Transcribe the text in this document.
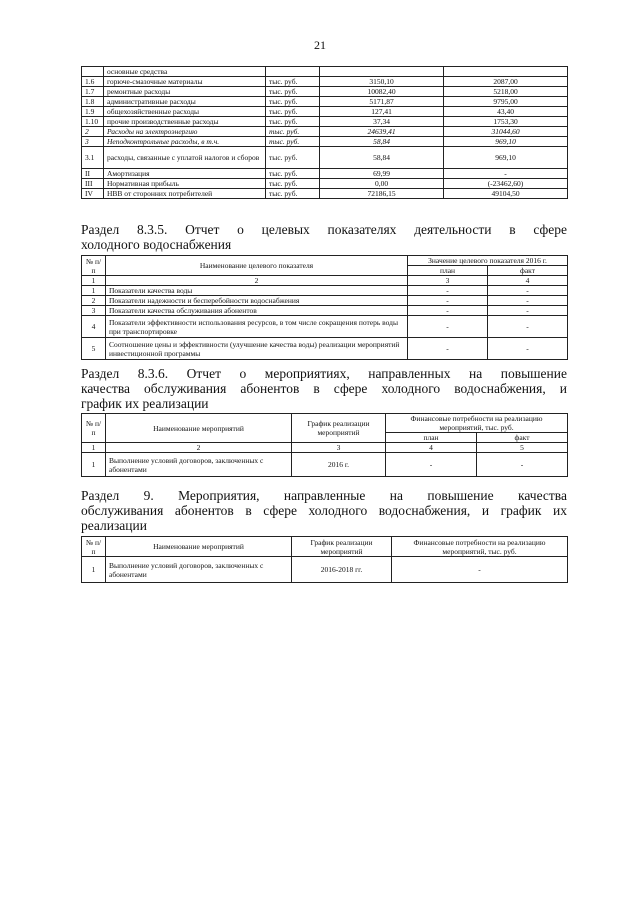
21
	основные средства			
1.6	горюче-смазочные материалы	тыс. руб.	3150,10	2087,00
1.7	ремонтные расходы	тыс. руб.	10082,40	5218,00
1.8	административные расходы	тыс. руб.	5171,87	9795,00
1.9	общехозяйственные расходы	тыс. руб.	127,41	43,40
1.10	прочие производственные расходы	тыс. руб.	37,34	1753,30
2	Расходы на электроэнергию	тыс. руб.	24639,41	31044,60
3	Неподконтрольные расходы, в т.ч.	тыс. руб.	58,84	969,10
3.1	расходы, связанные с уплатой налогов и сборов	тыс. руб.	58,84	969,10
II	Амортизация	тыс. руб.	69,99	-
III	Нормативная прибыль	тыс. руб.	0,00	(-23462,60)
IV	НВВ от сторонних потребителей	тыс. руб.	72186,15	49104,50
Раздел 8.3.5. Отчет о целевых показателях деятельности в сфере
холодного водоснабжения
№ п/п	Наименование целевого показателя	Значение целевого показателя 2016 г.	
		план	факт
1	2	3	4
1	Показатели качества воды	-	-
2	Показатели надежности и бесперебойности водоснабжения	-	-
3	Показатели качества обслуживания абонентов	-	-
4	Показатели эффективности использования ресурсов, в том числе сокращения потерь воды при транспортировке	-	-
5	Соотношение цены и эффективности (улучшение качества воды) реализации мероприятий инвестиционной программы	-	-
Раздел 8.3.6. Отчет о мероприятиях, направленных на повышение
качества обслуживания абонентов в сфере холодного водоснабжения, и
график их реализации
№ п/п	Наименование мероприятий	График реализации мероприятий	Финансовые потребности на реализацию мероприятий, тыс. руб.	
			план	факт
1	2	3	4	5
1	Выполнение условий договоров, заключенных с абонентами	2016 г.	-	-
Раздел 9. Мероприятия, направленные на повышение качества
обслуживания абонентов в сфере холодного водоснабжения, и график их
реализации
№ п/п	Наименование мероприятий	График реализации мероприятий	Финансовые потребности на реализацию мероприятий, тыс. руб.
1	Выполнение условий договоров, заключенных с абонентами	2016-2018 гг.	-
